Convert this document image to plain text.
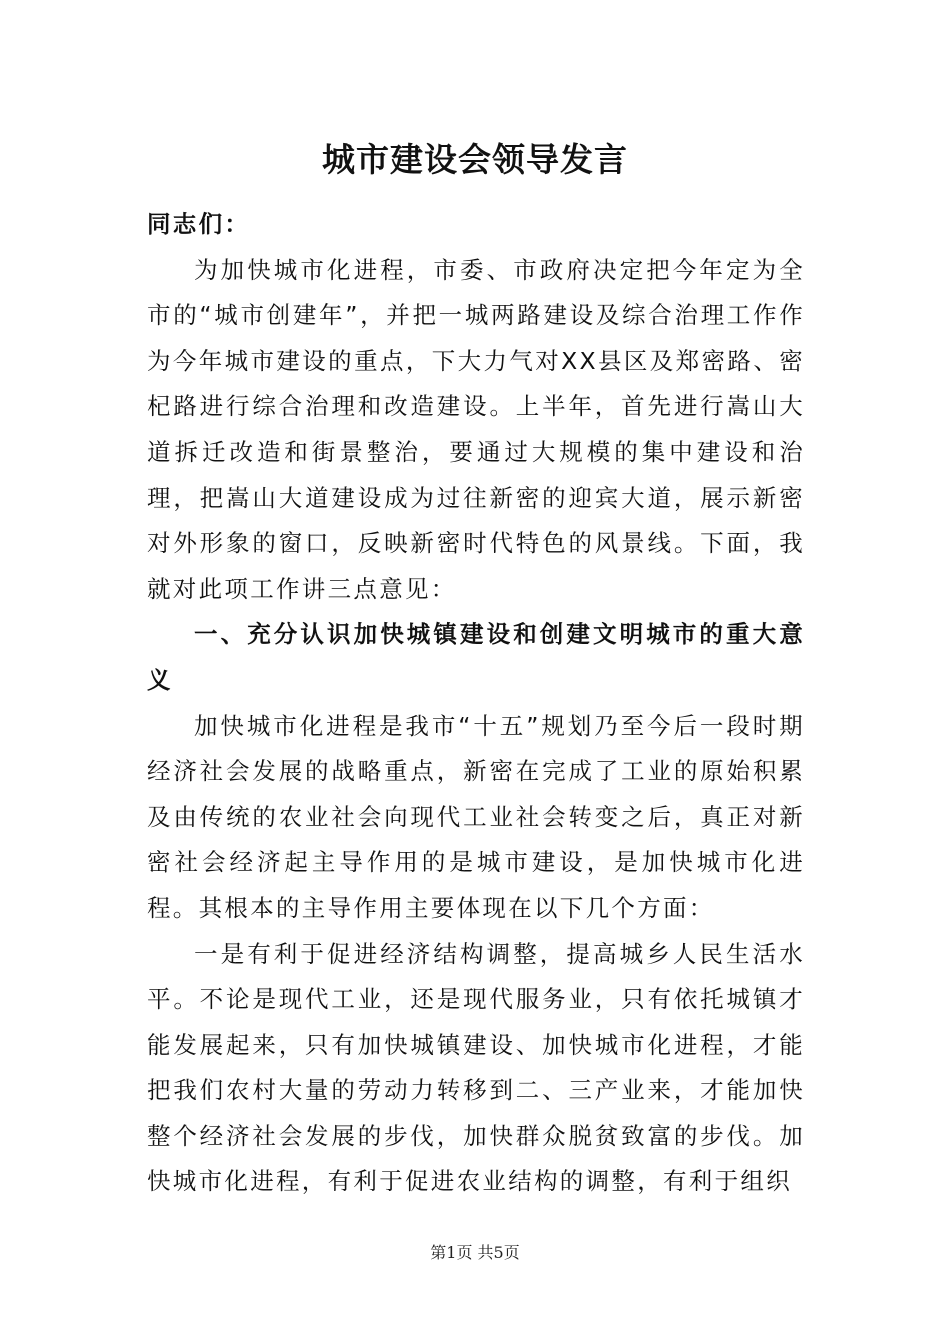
城市建设会领导发言

同志们：

为加快城市化进程，市委、市政府决定把今年定为全市的“城市创建年”，并把一城两路建设及综合治理工作作为今年城市建设的重点，下大力气对XX县区及郑密路、密杞路进行综合治理和改造建设。上半年，首先进行嵩山大道拆迁改造和街景整治，要通过大规模的集中建设和治理，把嵩山大道建设成为过往新密的迎宾大道，展示新密对外形象的窗口，反映新密时代特色的风景线。下面，我就对此项工作讲三点意见：

一、充分认识加快城镇建设和创建文明城市的重大意义

加快城市化进程是我市“十五”规划乃至今后一段时期经济社会发展的战略重点，新密在完成了工业的原始积累及由传统的农业社会向现代工业社会转变之后，真正对新密社会经济起主导作用的是城市建设，是加快城市化进程。其根本的主导作用主要体现在以下几个方面：

一是有利于促进经济结构调整，提高城乡人民生活水平。不论是现代工业，还是现代服务业，只有依托城镇才能发展起来，只有加快城镇建设、加快城市化进程，才能把我们农村大量的劳动力转移到二、三产业来，才能加快整个经济社会发展的步伐，加快群众脱贫致富的步伐。加快城市化进程，有利于促进农业结构的调整，有利于组织

第1页 共5页
